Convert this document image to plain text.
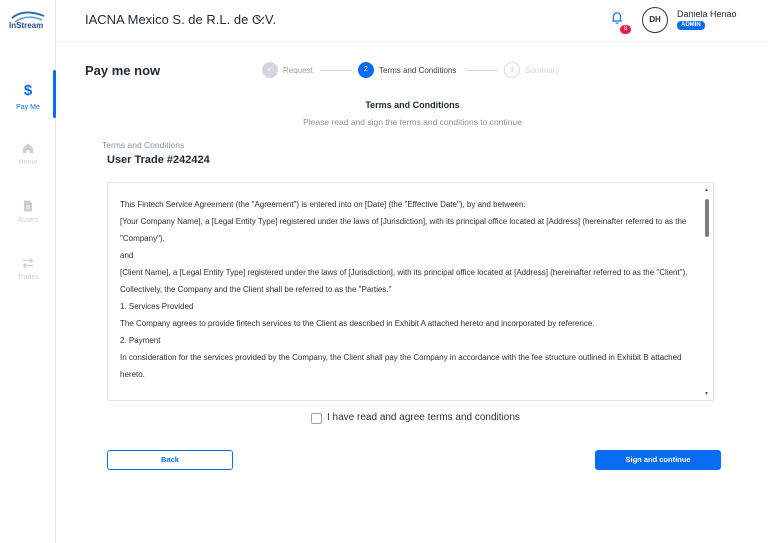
InStream
$
Pay Me
Home
Assets
Trades
IACNA Mexico S. de R.L. de C.V.
8
DH
Daniela Henao
ADMIN
Pay me now	✓	Request	2	Terms and Conditions	3	Summary
Terms and Conditions
Please read and sign the terms and conditions to continue
Terms and Conditions
User Trade #242424

This Fintech Service Agreement (the "Agreement") is entered into on [Date] (the "Effective Date"), by and between:

[Your Company Name], a [Legal Entity Type] registered under the laws of [Jurisdiction], with its principal office located at [Address] (hereinafter referred to as the "Company"),

and

[Client Name], a [Legal Entity Type] registered under the laws of [Jurisdiction], with its principal office located at [Address] (hereinafter referred to as the "Client").

Collectively, the Company and the Client shall be referred to as the "Parties."

1. Services Provided

The Company agrees to provide fintech services to the Client as described in Exhibit A attached hereto and incorporated by reference.

2. Payment

In consideration for the services provided by the Company, the Client shall pay the Company in accordance with the fee structure outlined in Exhibit B attached hereto.

▲
▼
I have read and agree terms and conditions
Back	Sign and continue
